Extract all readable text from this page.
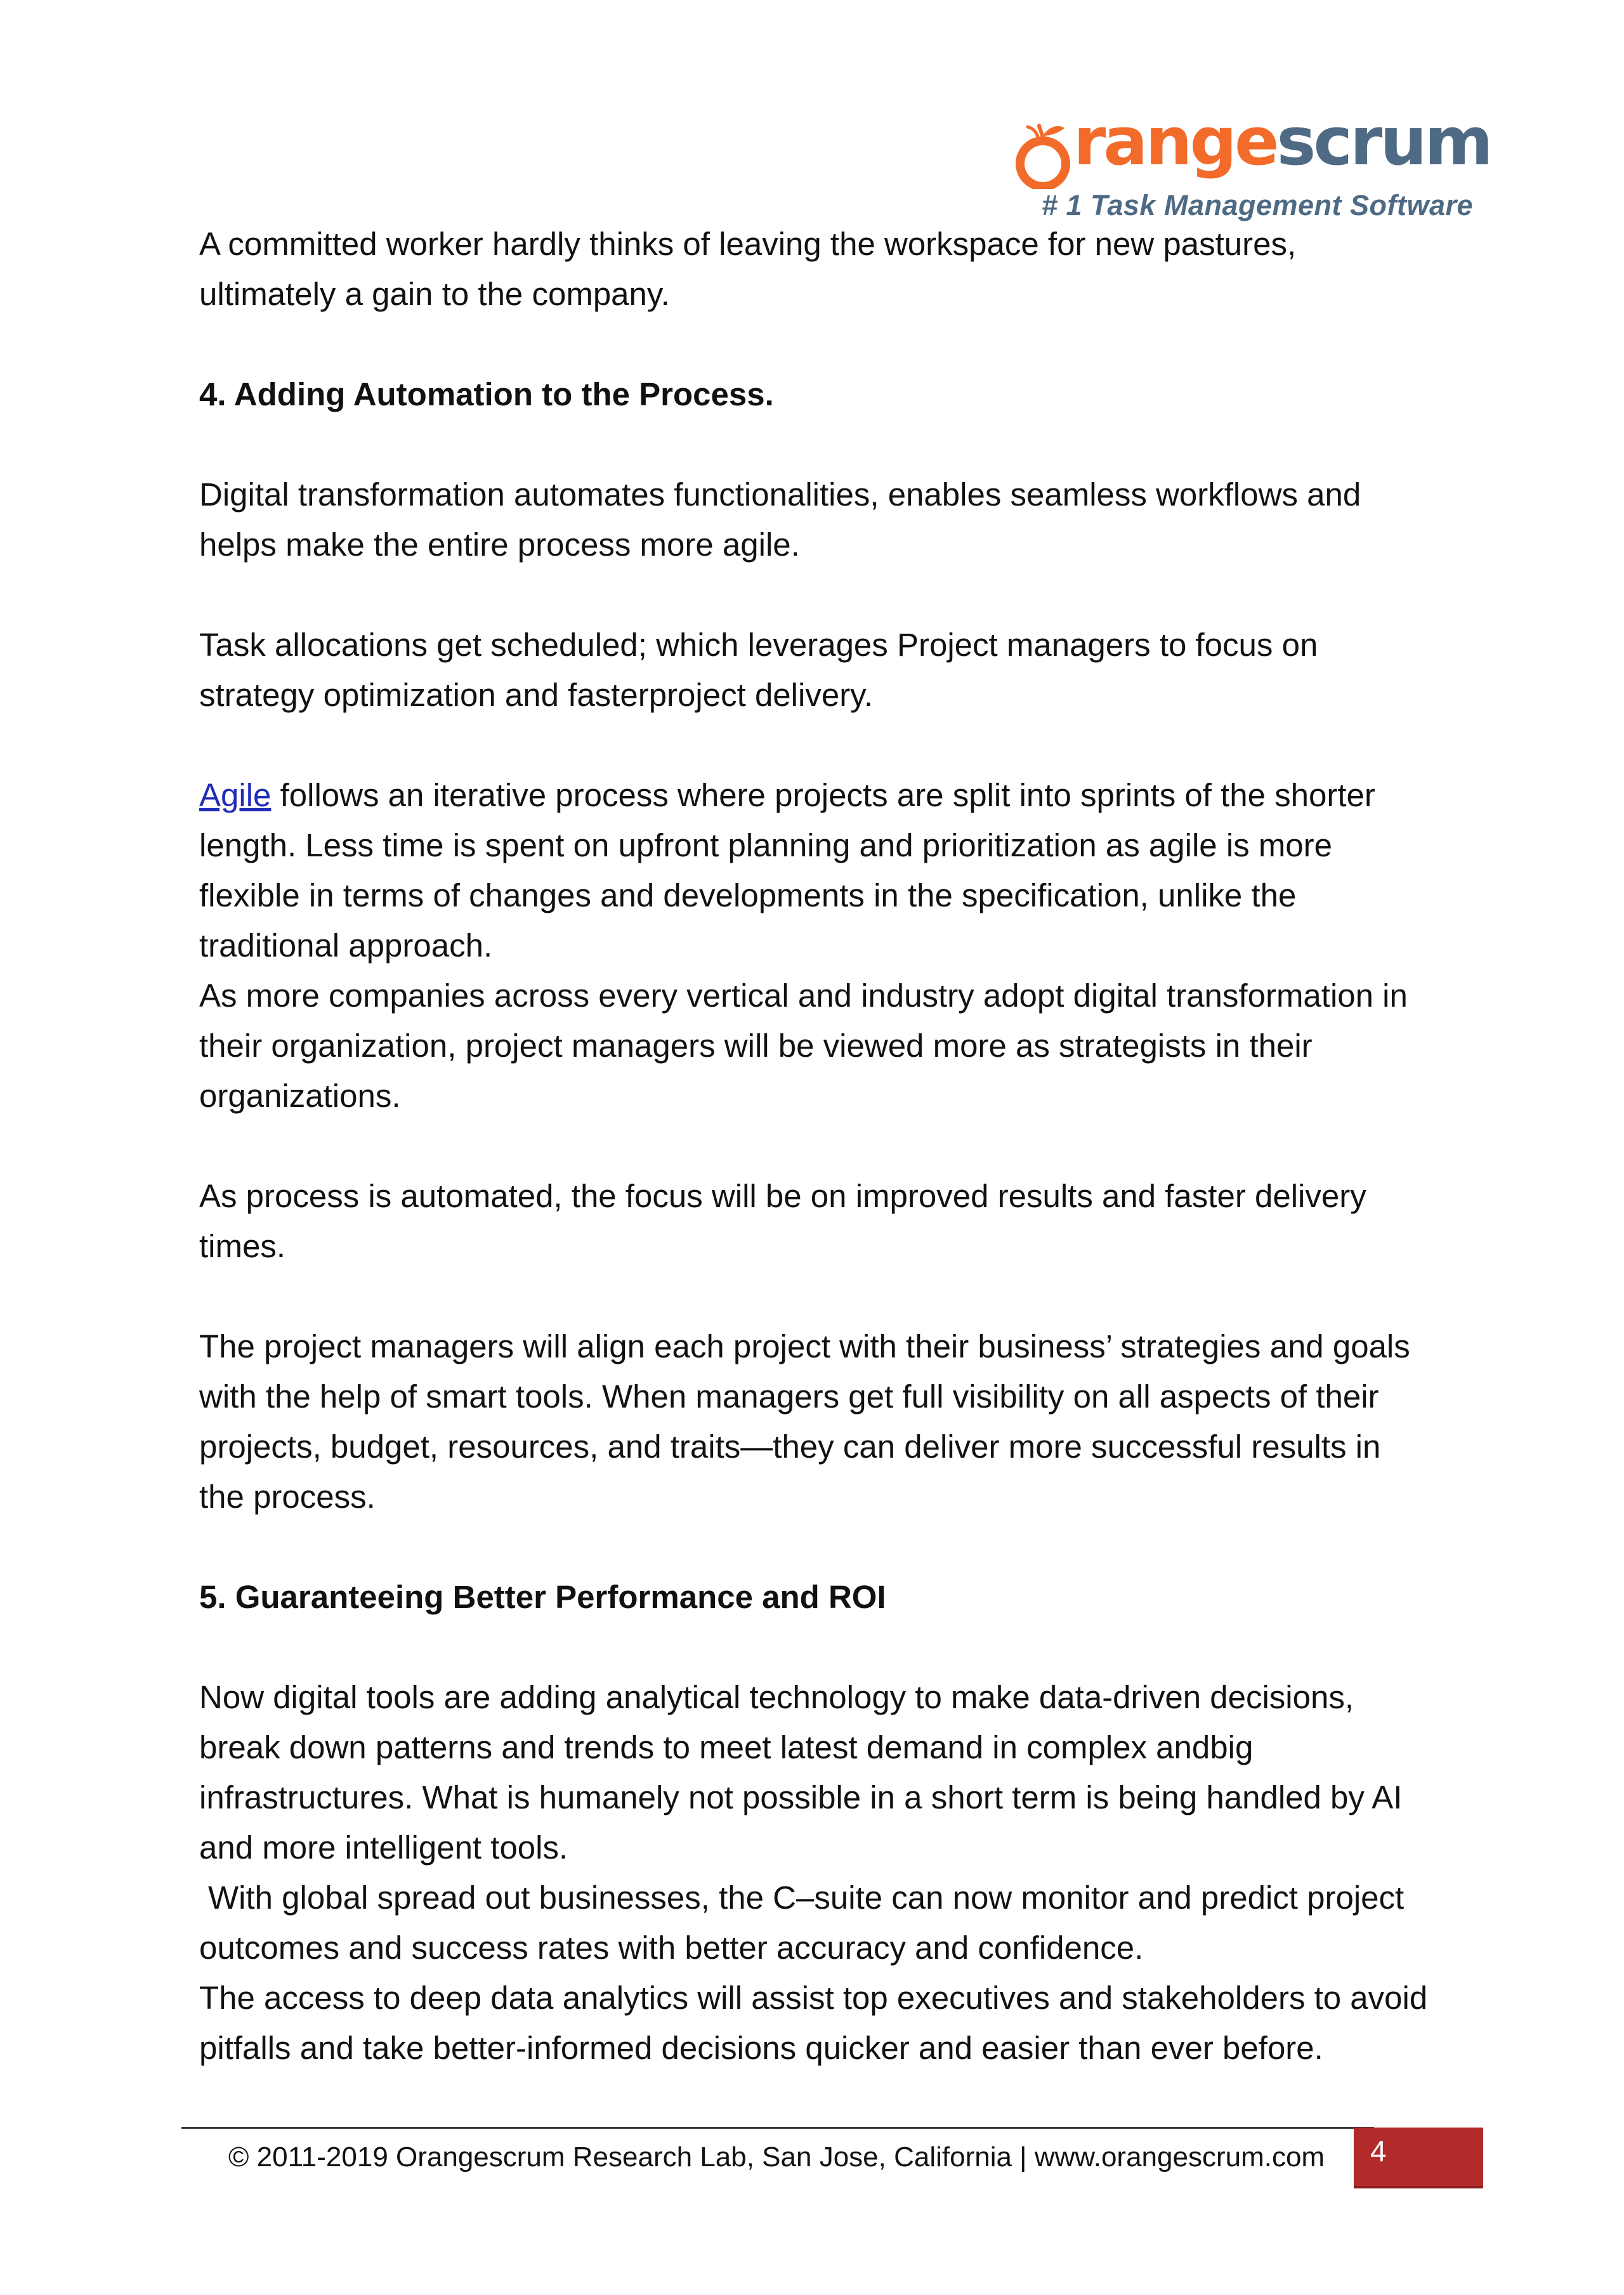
range scrum
# 1 Task Management Software

A committed worker hardly thinks of leaving the workspace for new pastures,

ultimately a gain to the company.

4. Adding Automation to the Process.

Digital transformation automates functionalities, enables seamless workflows and

helps make the entire process more agile.

Task allocations get scheduled; which leverages Project managers to focus on

strategy optimization and fasterproject delivery.

Agile follows an iterative process where projects are split into sprints of the shorter

length. Less time is spent on upfront planning and prioritization as agile is more

flexible in terms of changes and developments in the specification, unlike the

traditional approach.

As more companies across every vertical and industry adopt digital transformation in

their organization, project managers will be viewed more as strategists in their

organizations.

As process is automated, the focus will be on improved results and faster delivery

times.

The project managers will align each project with their business’ strategies and goals

with the help of smart tools. When managers get full visibility on all aspects of their

projects, budget, resources, and traits—they can deliver more successful results in

the process.

5. Guaranteeing Better Performance and ROI

Now digital tools are adding analytical technology to make data-driven decisions,

break down patterns and trends to meet latest demand in complex andbig

infrastructures. What is humanely not possible in a short term is being handled by AI

and more intelligent tools.

With global spread out businesses, the C–suite can now monitor and predict project

outcomes and success rates with better accuracy and confidence.

The access to deep data analytics will assist top executives and stakeholders to avoid

pitfalls and take better-informed decisions quicker and easier than ever before.

© 2011-2019 Orangescrum Research Lab, San Jose, California | www.orangescrum.com 4
